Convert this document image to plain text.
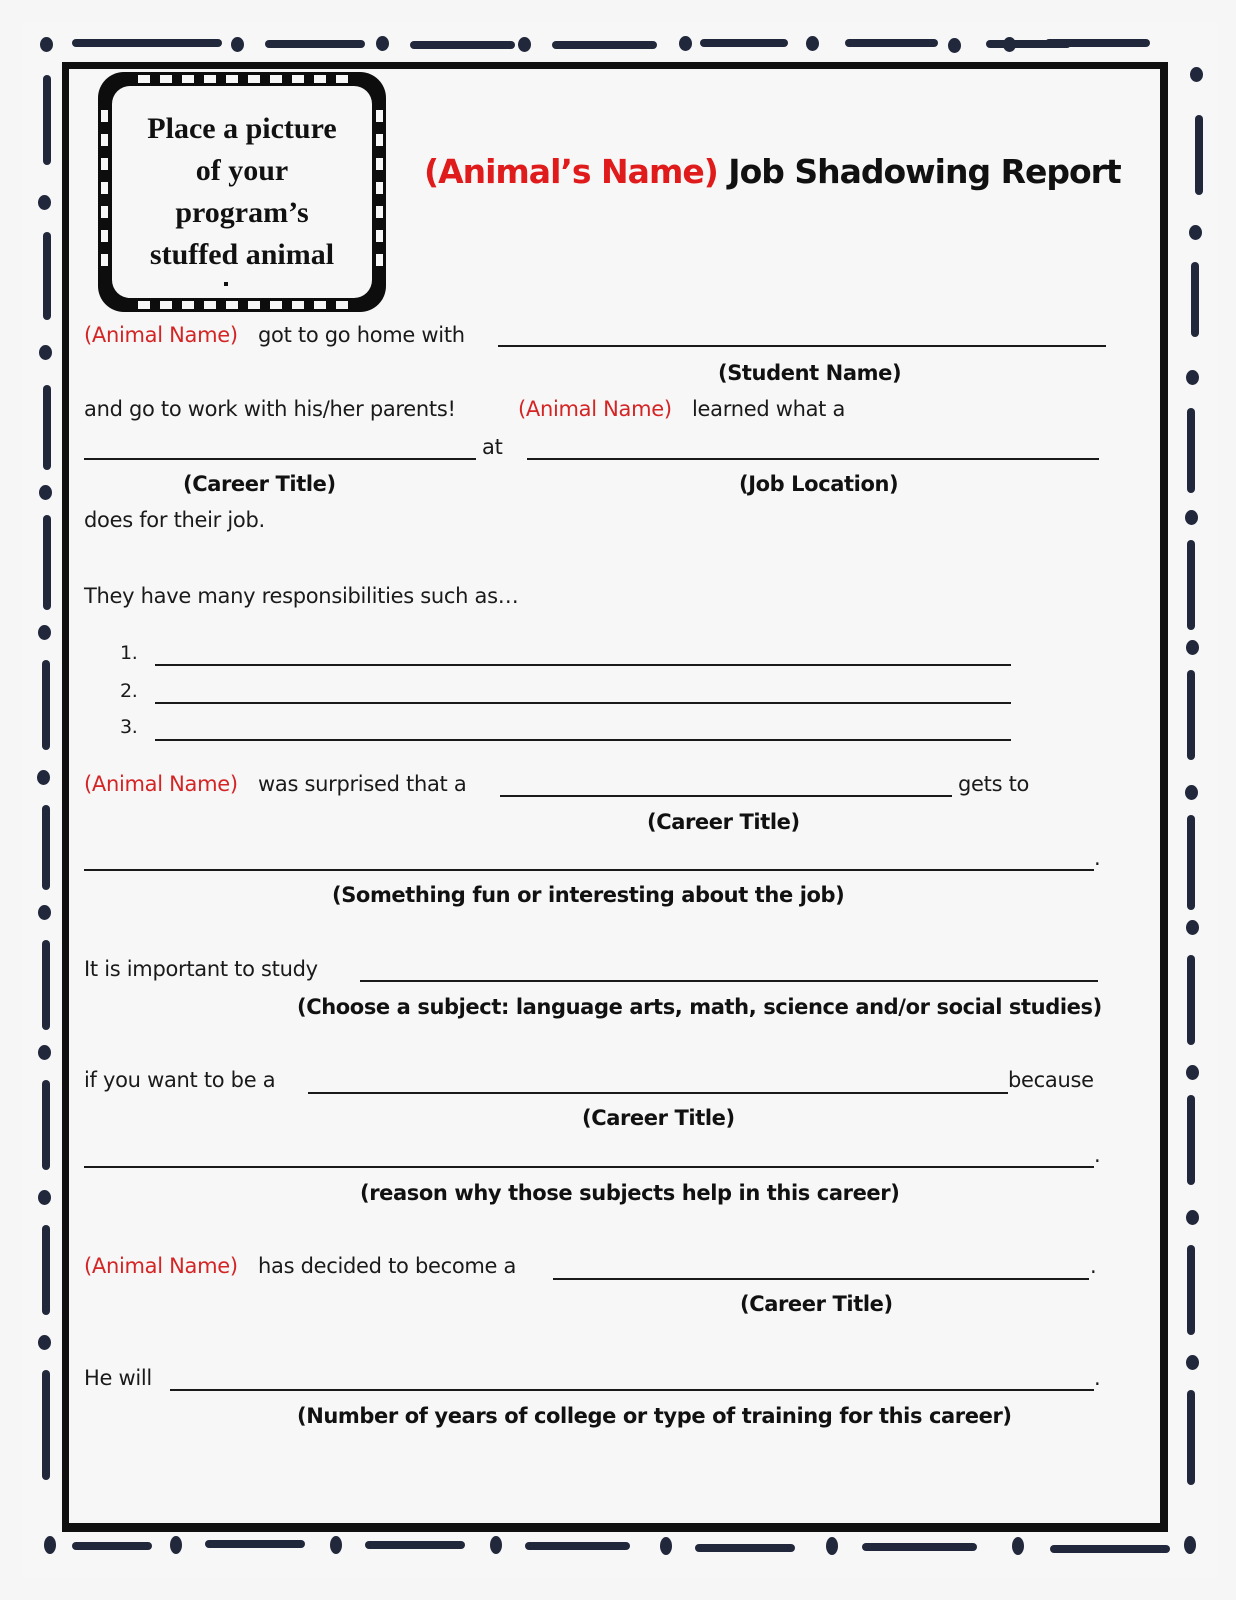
Place a picture
of your
program’s
stuffed animal
(Animal’s Name) Job Shadowing Report
(Animal Name) got to go home with
(Student Name)
and go to work with his/her parents!	(Animal Name) learned what a
at
(Career Title)	(Job Location)
does for their job.
They have many responsibilities such as…
1.
2.
3.
(Animal Name) was surprised that a	gets to
(Career Title)
.
(Something fun or interesting about the job)
It is important to study
(Choose a subject: language arts, math, science and/or social studies)
if you want to be a	because
(Career Title)
.
(reason why those subjects help in this career)
(Animal Name) has decided to become a	.
(Career Title)
He will	.
(Number of years of college or type of training for this career)
